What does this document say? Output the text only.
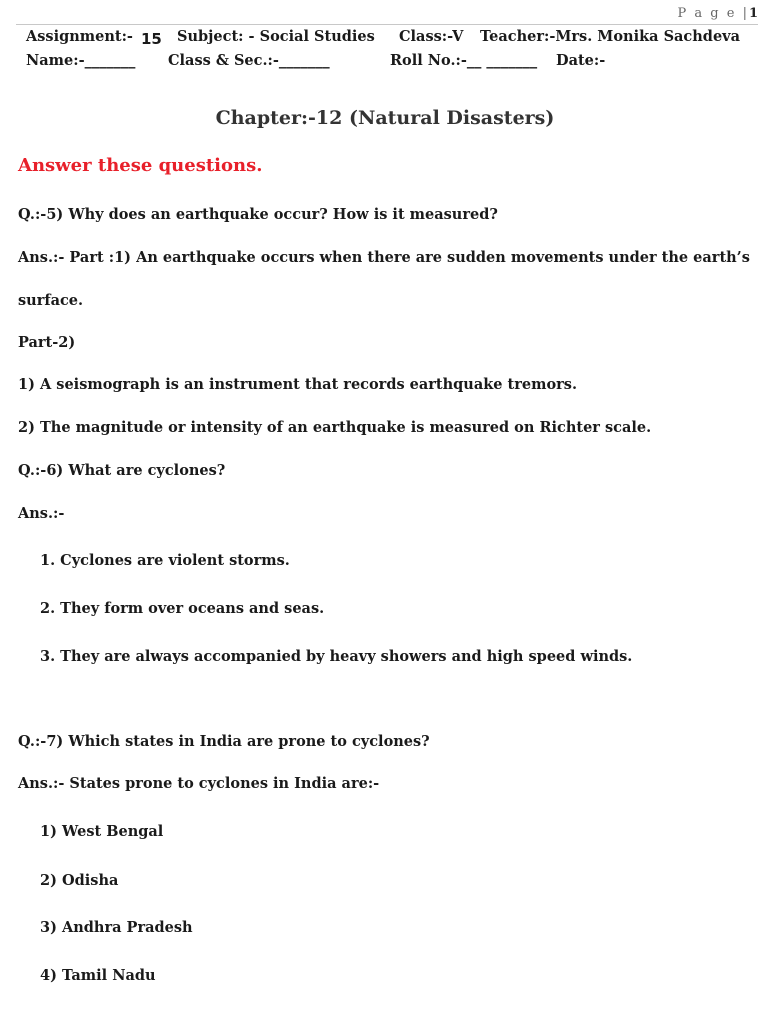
P a g e |1
Assignment:- 15 Subject: - Social Studies Class:-V Teacher:-Mrs. Monika Sachdeva
Name:-_______ Class & Sec.:-_______	Roll No.:-__ _______ Date:-
Chapter:-12 (Natural Disasters)
Answer these questions.
Q.:-5) Why does an earthquake occur? How is it measured?
Ans.:- Part :1) An earthquake occurs when there are sudden movements under the earth’s
surface.
Part-2)
1) A seismograph is an instrument that records earthquake tremors.
2) The magnitude or intensity of an earthquake is measured on Richter scale.
Q.:-6) What are cyclones?
Ans.:-
1. Cyclones are violent storms.
2. They form over oceans and seas.
3. They are always accompanied by heavy showers and high speed winds.
Q.:-7) Which states in India are prone to cyclones?
Ans.:- States prone to cyclones in India are:-
1) West Bengal
2) Odisha
3) Andhra Pradesh
4) Tamil Nadu
